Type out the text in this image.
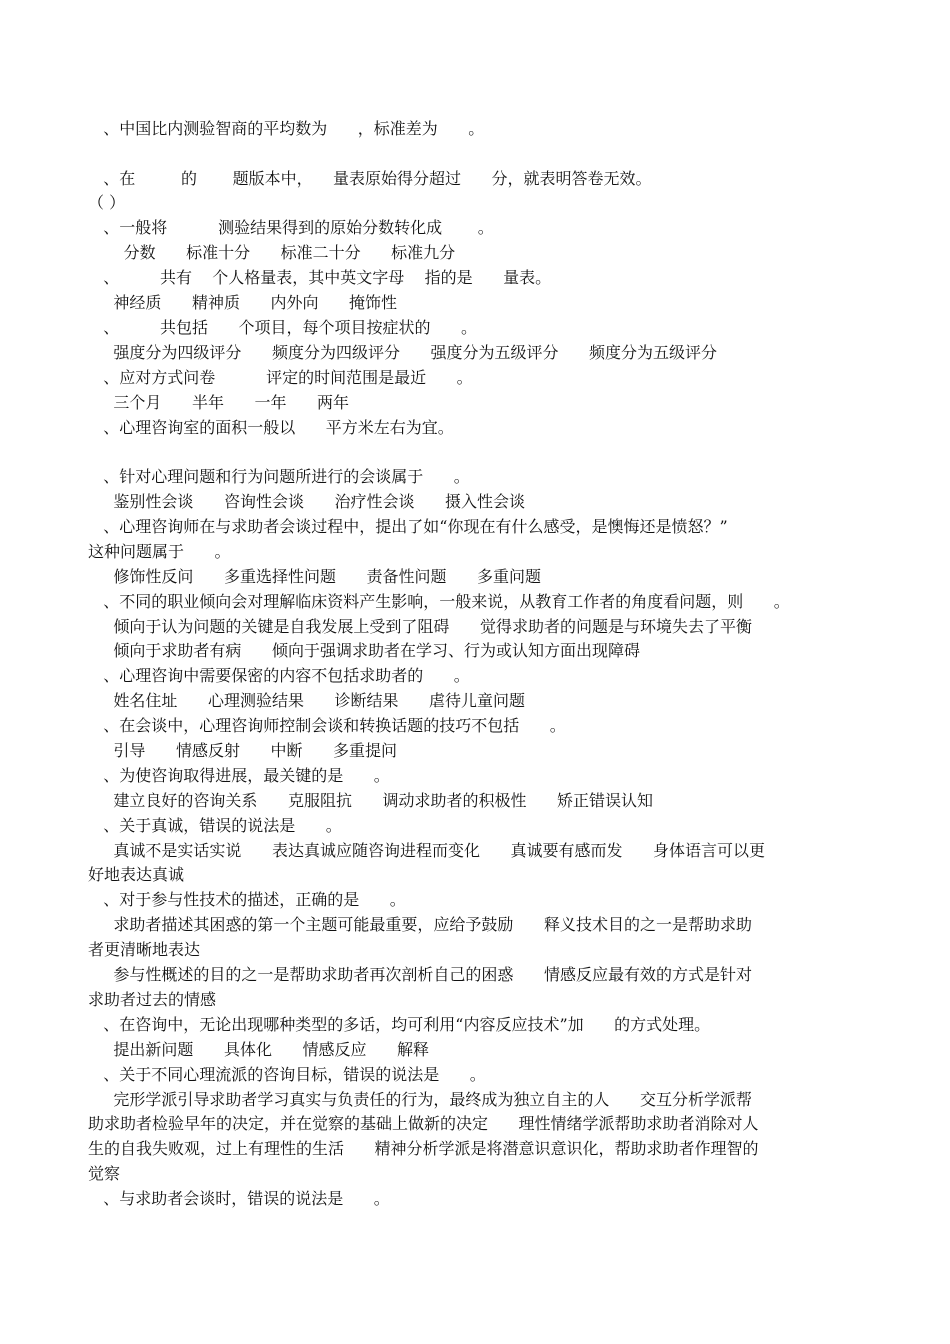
、中国比内测验智商的平均数为      ，标准差为      。
、在         的       题版本中，    量表原始得分超过      分，就表明答卷无效。
（ ）
、一般将          测验结果得到的原始分数转化成       。
分数      标准十分      标准二十分      标准九分
、        共有    个人格量表，其中英文字母    指的是      量表。
神经质      精神质      内外向      掩饰性
、        共包括      个项目，每个项目按症状的      。
强度分为四级评分      频度分为四级评分      强度分为五级评分      频度分为五级评分
、应对方式问卷          评定的时间范围是最近      。
三个月      半年      一年      两年
、心理咨询室的面积一般以      平方米左右为宜。
、针对心理问题和行为问题所进行的会谈属于      。
鉴别性会谈      咨询性会谈      治疗性会谈      摄入性会谈
、心理咨询师在与求助者会谈过程中，提出了如“你现在有什么感受，是懊悔还是愤怒？”
这种问题属于      。
修饰性反问      多重选择性问题      责备性问题      多重问题
、不同的职业倾向会对理解临床资料产生影响，一般来说，从教育工作者的角度看问题，则      。
倾向于认为问题的关键是自我发展上受到了阻碍      觉得求助者的问题是与环境失去了平衡
倾向于求助者有病      倾向于强调求助者在学习、行为或认知方面出现障碍
、心理咨询中需要保密的内容不包括求助者的      。
姓名住址      心理测验结果      诊断结果      虐待儿童问题
、在会谈中，心理咨询师控制会谈和转换话题的技巧不包括      。
引导      情感反射      中断      多重提问
、为使咨询取得进展，最关键的是      。
建立良好的咨询关系      克服阻抗      调动求助者的积极性      矫正错误认知
、关于真诚，错误的说法是      。
真诚不是实话实说      表达真诚应随咨询进程而变化      真诚要有感而发      身体语言可以更
好地表达真诚
、对于参与性技术的描述，正确的是      。
求助者描述其困惑的第一个主题可能最重要，应给予鼓励      释义技术目的之一是帮助求助
者更清晰地表达
参与性概述的目的之一是帮助求助者再次剖析自己的困惑      情感反应最有效的方式是针对
求助者过去的情感
、在咨询中，无论出现哪种类型的多话，均可利用“内容反应技术”加      的方式处理。
提出新问题      具体化      情感反应      解释
、关于不同心理流派的咨询目标，错误的说法是      。
完形学派引导求助者学习真实与负责任的行为，最终成为独立自主的人      交互分析学派帮
助求助者检验早年的决定，并在觉察的基础上做新的决定      理性情绪学派帮助求助者消除对人
生的自我失败观，过上有理性的生活      精神分析学派是将潜意识意识化，帮助求助者作理智的
觉察
、与求助者会谈时，错误的说法是      。
